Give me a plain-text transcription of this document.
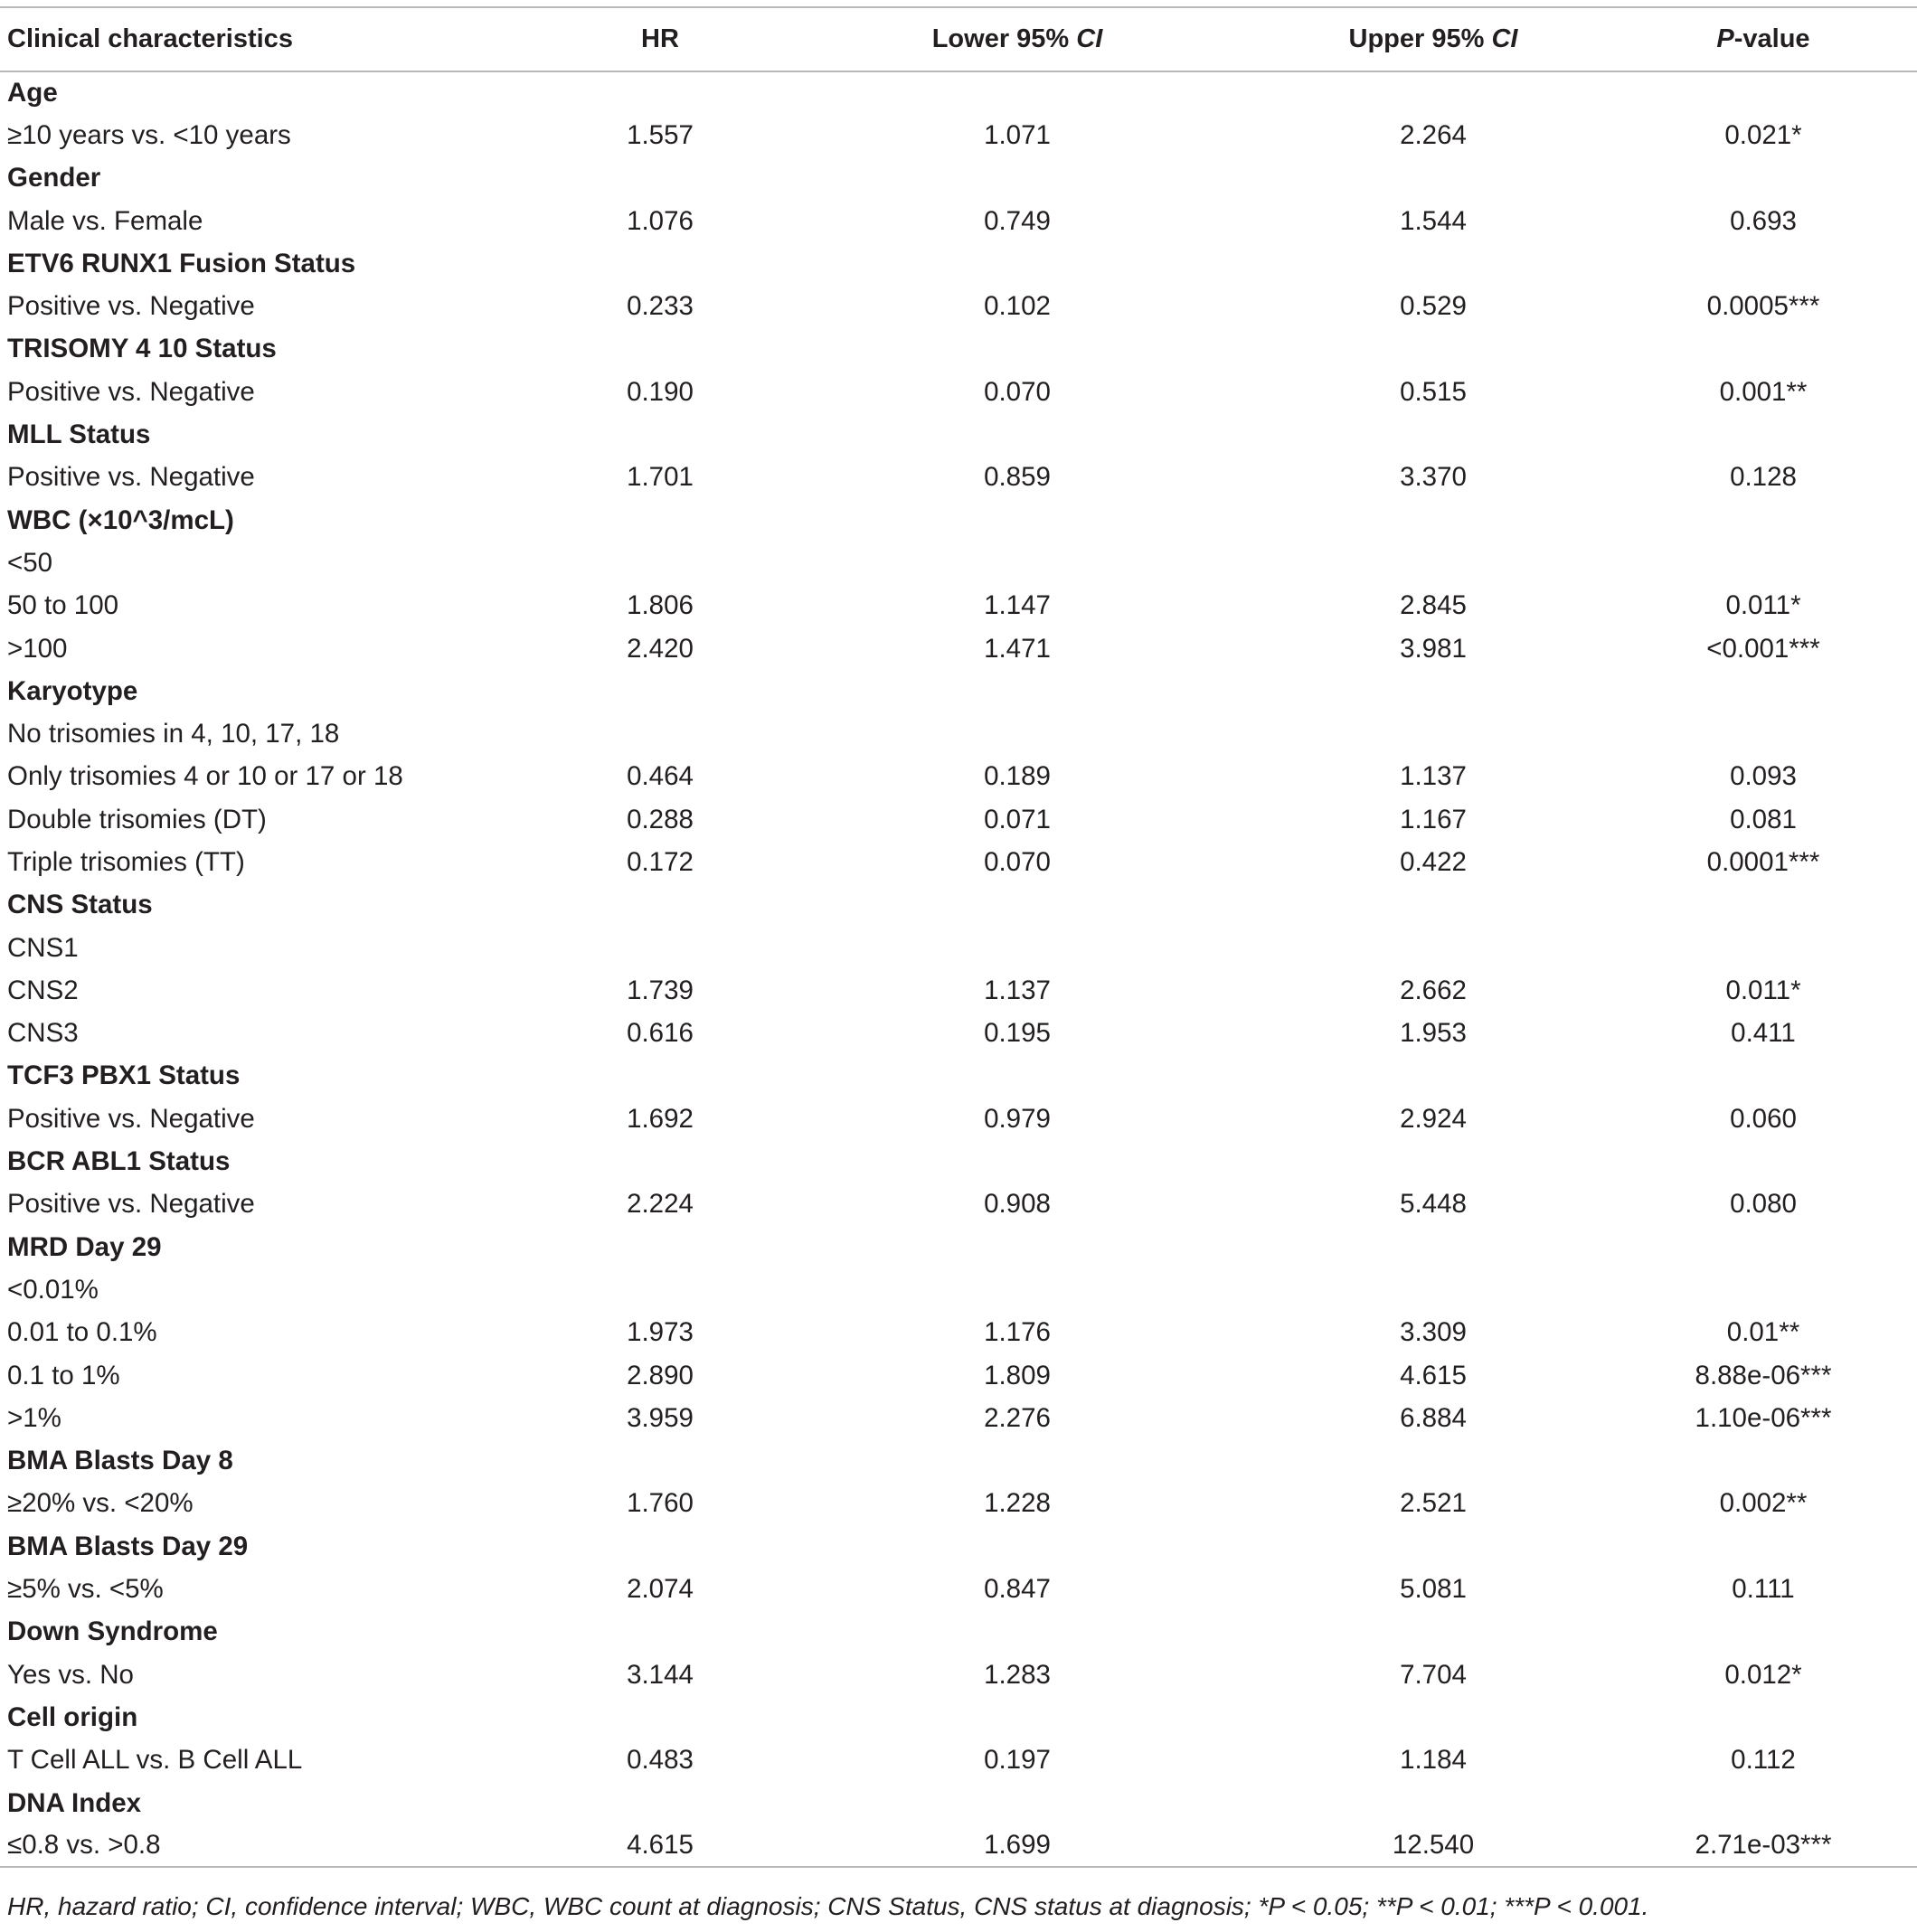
Clinical characteristics	HR	Lower 95% CI	Upper 95% CI	P-value
Age				
≥10 years vs. <10 years	1.557	1.071	2.264	0.021*
Gender				
Male vs. Female	1.076	0.749	1.544	0.693
ETV6 RUNX1 Fusion Status				
Positive vs. Negative	0.233	0.102	0.529	0.0005***
TRISOMY 4 10 Status				
Positive vs. Negative	0.190	0.070	0.515	0.001**
MLL Status				
Positive vs. Negative	1.701	0.859	3.370	0.128
WBC (×10^3/mcL)				
<50				
50 to 100	1.806	1.147	2.845	0.011*
>100	2.420	1.471	3.981	<0.001***
Karyotype				
No trisomies in 4, 10, 17, 18				
Only trisomies 4 or 10 or 17 or 18	0.464	0.189	1.137	0.093
Double trisomies (DT)	0.288	0.071	1.167	0.081
Triple trisomies (TT)	0.172	0.070	0.422	0.0001***
CNS Status				
CNS1				
CNS2	1.739	1.137	2.662	0.011*
CNS3	0.616	0.195	1.953	0.411
TCF3 PBX1 Status				
Positive vs. Negative	1.692	0.979	2.924	0.060
BCR ABL1 Status				
Positive vs. Negative	2.224	0.908	5.448	0.080
MRD Day 29				
<0.01%				
0.01 to 0.1%	1.973	1.176	3.309	0.01**
0.1 to 1%	2.890	1.809	4.615	8.88e-06***
>1%	3.959	2.276	6.884	1.10e-06***
BMA Blasts Day 8				
≥20% vs. <20%	1.760	1.228	2.521	0.002**
BMA Blasts Day 29				
≥5% vs. <5%	2.074	0.847	5.081	0.111
Down Syndrome				
Yes vs. No	3.144	1.283	7.704	0.012*
Cell origin				
T Cell ALL vs. B Cell ALL	0.483	0.197	1.184	0.112
DNA Index				
≤0.8 vs. >0.8	4.615	1.699	12.540	2.71e-03***
HR, hazard ratio; CI, confidence interval; WBC, WBC count at diagnosis; CNS Status, CNS status at diagnosis; *P < 0.05; **P < 0.01; ***P < 0.001.
